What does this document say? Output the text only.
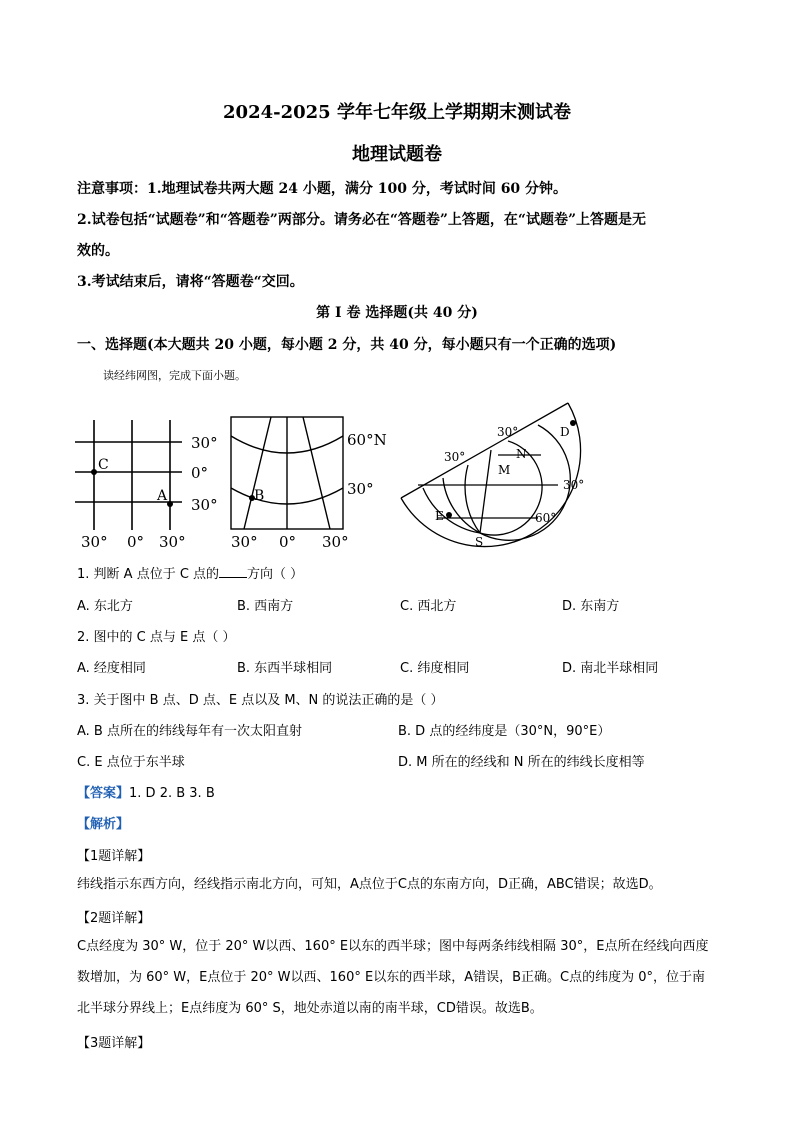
2024-2025 学年七年级上学期期末测试卷
地理试题卷
注意事项：1.地理试卷共两大题 24 小题，满分 100 分，考试时间 60 分钟。
2.试卷包括“试题卷”和“答题卷”两部分。请务必在“答题卷”上答题，在“试题卷”上答题是无
效的。
3.考试结束后，请将“答题卷“交回。
第 I 卷 选择题(共 40 分)
一、选择题(本大题共 20 小题，每小题 2 分，共 40 分，每小题只有一个正确的选项)
读经纬网图，完成下面小题。
C
A
30°
0°
30°
30° 0° 30°
B
60°N
30°
30° 0° 30°
D
N
M
E
S
30°
30°
30°
60°
1. 判断 A 点位于 C 点的 方向（ ）
A. 东北方	B. 西南方	C. 西北方	D. 东南方
2. 图中的 C 点与 E 点（ ）
A. 经度相同	B. 东西半球相同	C. 纬度相同	D. 南北半球相同
3. 关于图中 B 点、D 点、E 点以及 M、N 的说法正确的是（ ）
A. B 点所在的纬线每年有一次太阳直射	B. D 点的经纬度是（30°N，90°E）
C. E 点位于东半球	D. M 所在的经线和 N 所在的纬线长度相等
【答案】1. D 2. B 3. B
【解析】
【1题详解】
纬线指示东西方向，经线指示南北方向，可知，A点位于C点的东南方向，D正确，ABC错误；故选D。
【2题详解】
C点经度为 30° W，位于 20° W以西、160° E以东的西半球；图中每两条纬线相隔 30°，E点所在经线向西度数增加，为 60° W，E点位于 20° W以西、160° E以东的西半球，A错误，B正确。C点的纬度为 0°，位于南北半球分界线上；E点纬度为 60° S，地处赤道以南的南半球，CD错误。故选B。
【3题详解】
